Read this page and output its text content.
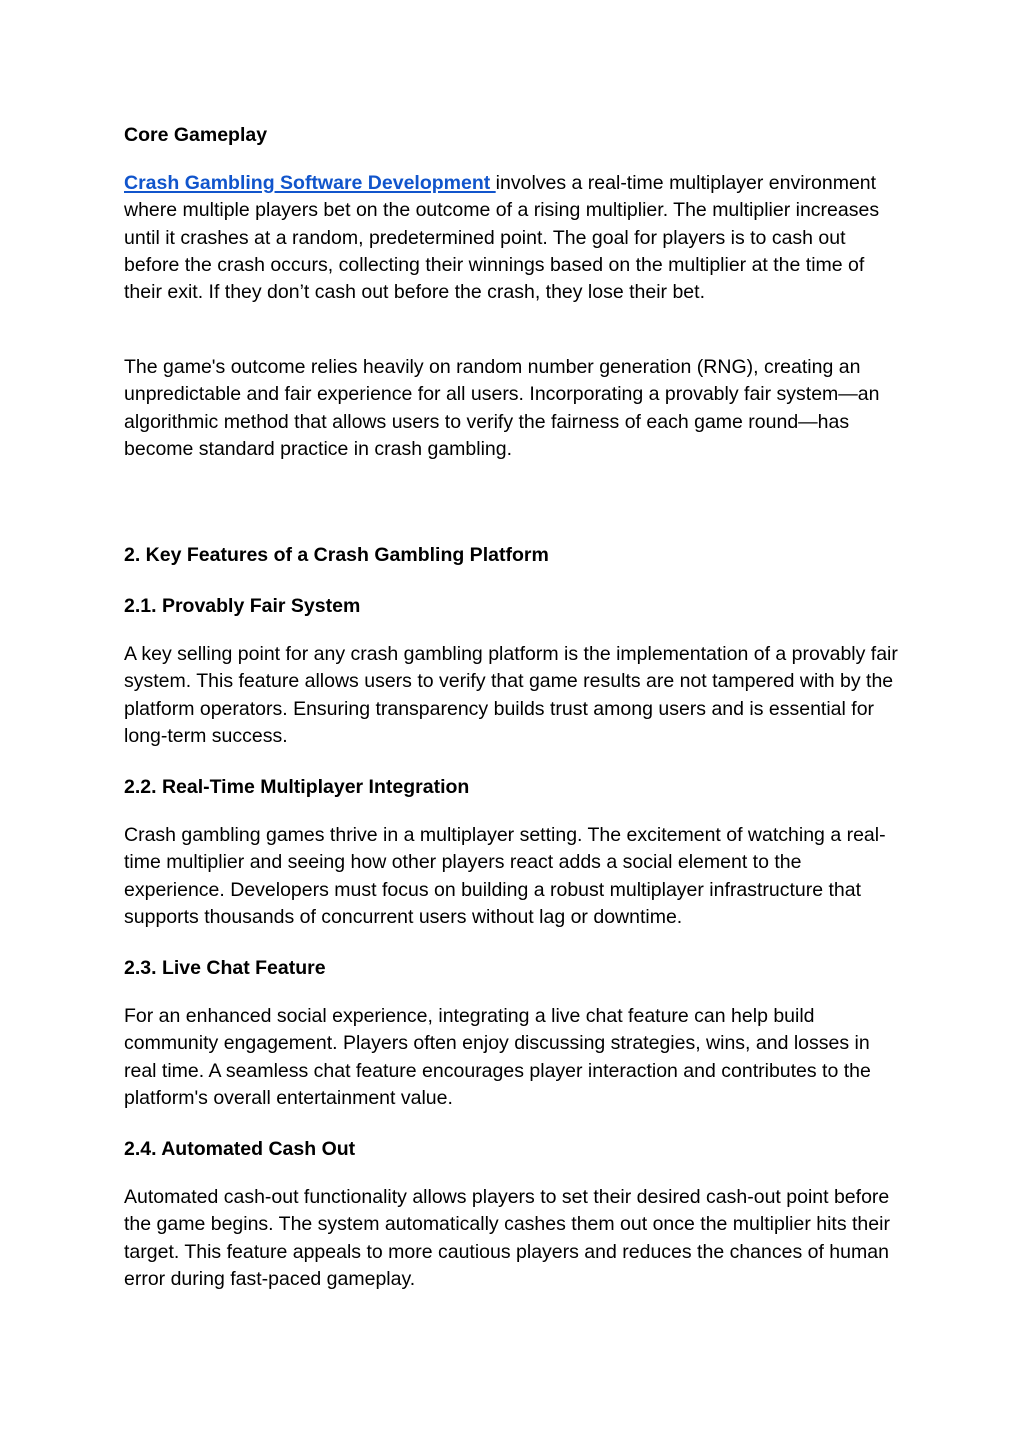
Core Gameplay

Crash Gambling Software Development involves a real-time multiplayer environment where multiple players bet on the outcome of a rising multiplier. The multiplier increases until it crashes at a random, predetermined point. The goal for players is to cash out before the crash occurs, collecting their winnings based on the multiplier at the time of their exit. If they don’t cash out before the crash, they lose their bet.

The game's outcome relies heavily on random number generation (RNG), creating an unpredictable and fair experience for all users. Incorporating a provably fair system—an algorithmic method that allows users to verify the fairness of each game round—has become standard practice in crash gambling.

2. Key Features of a Crash Gambling Platform
2.1. Provably Fair System

A key selling point for any crash gambling platform is the implementation of a provably fair system. This feature allows users to verify that game results are not tampered with by the platform operators. Ensuring transparency builds trust among users and is essential for long-term success.

2.2. Real-Time Multiplayer Integration

Crash gambling games thrive in a multiplayer setting. The excitement of watching a real-time multiplier and seeing how other players react adds a social element to the experience. Developers must focus on building a robust multiplayer infrastructure that supports thousands of concurrent users without lag or downtime.

2.3. Live Chat Feature

For an enhanced social experience, integrating a live chat feature can help build community engagement. Players often enjoy discussing strategies, wins, and losses in real time. A seamless chat feature encourages player interaction and contributes to the platform's overall entertainment value.

2.4. Automated Cash Out

Automated cash-out functionality allows players to set their desired cash-out point before the game begins. The system automatically cashes them out once the multiplier hits their target. This feature appeals to more cautious players and reduces the chances of human error during fast-paced gameplay.
